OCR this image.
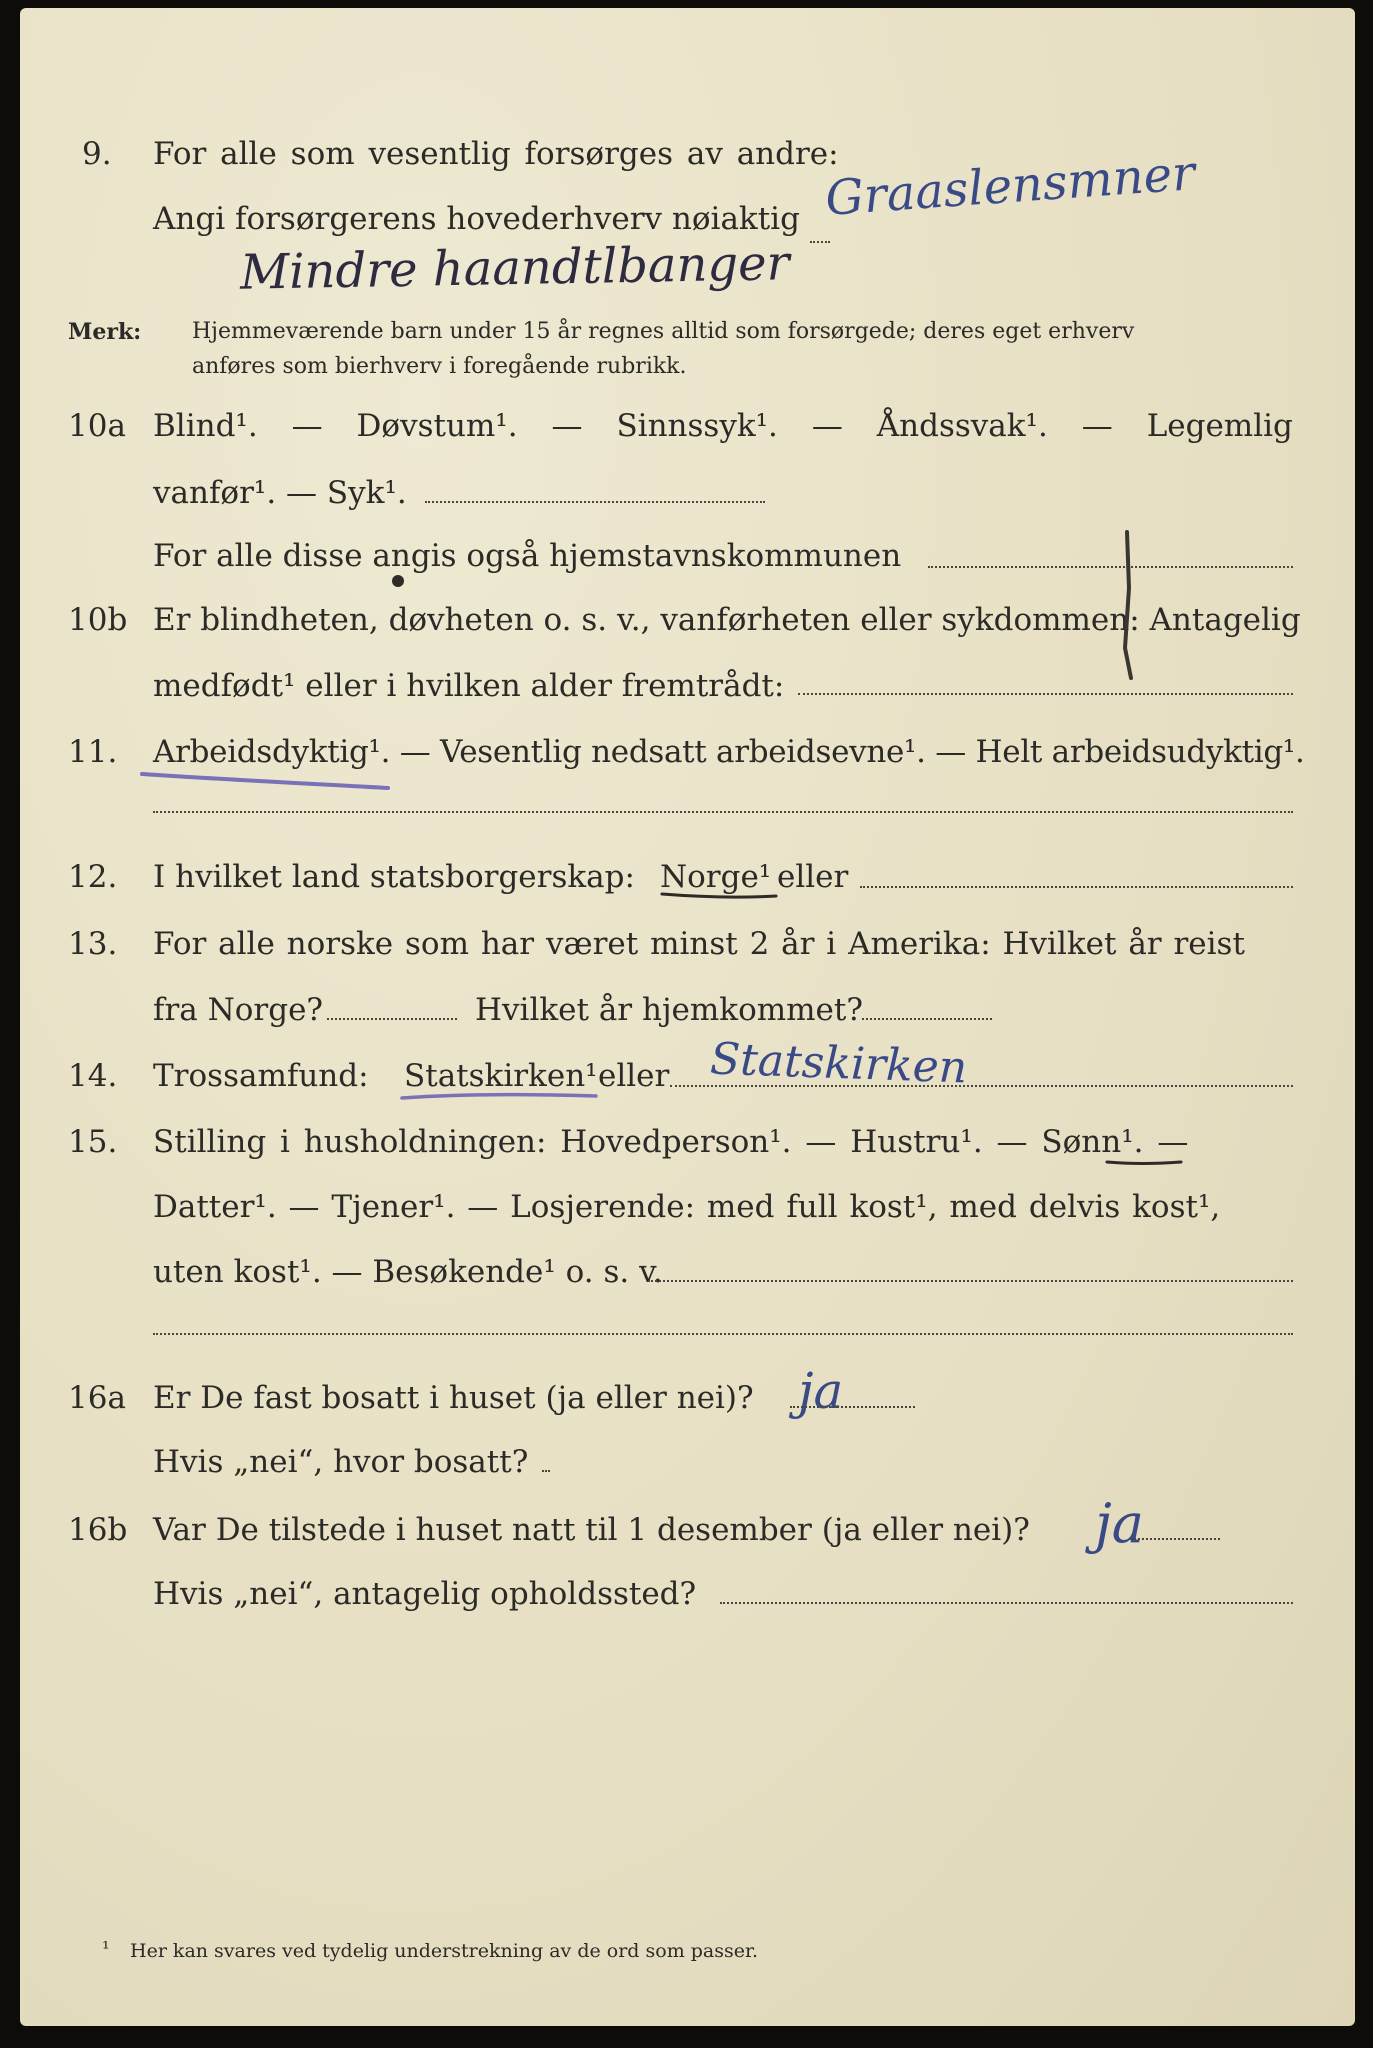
9. For alle som vesentlig forsørges av andre:
Angi forsørgerens hovederhverv nøiaktig Graaslensmner
Mindre haandtlbanger
Merk: Hjemmeværende barn under 15 år regnes alltid som forsørgede; deres eget erhverv
anføres som bierhverv i foregående rubrikk.
10a Blind¹. — Døvstum¹. — Sinnssyk¹. — Åndssvak¹. — Legemlig
vanfør¹. — Syk¹.
For alle disse angis også hjemstavnskommunen
10b Er blindheten, døvheten o. s. v., vanførheten eller sykdommen: Antagelig
medfødt¹ eller i hvilken alder fremtrådt:
11. Arbeidsdyktig¹. — Vesentlig nedsatt arbeidsevne¹. — Helt arbeidsudyktig¹.
12. I hvilket land statsborgerskap: Norge¹ eller
13. For alle norske som har været minst 2 år i Amerika: Hvilket år reist
fra Norge?	Hvilket år hjemkommet?
14. Trossamfund: Statskirken¹ eller Statskirken
15. Stilling i husholdningen: Hovedperson¹. — Hustru¹. — Sønn¹. —
Datter¹. — Tjener¹. — Losjerende: med full kost¹, med delvis kost¹,
uten kost¹. — Besøkende¹ o. s. v.
16a Er De fast bosatt i huset (ja eller nei)? ja
Hvis „nei“, hvor bosatt?
16b Var De tilstede i huset natt til 1 desember (ja eller nei)? ja
Hvis „nei“, antagelig opholdssted?
¹ Her kan svares ved tydelig understrekning av de ord som passer.
